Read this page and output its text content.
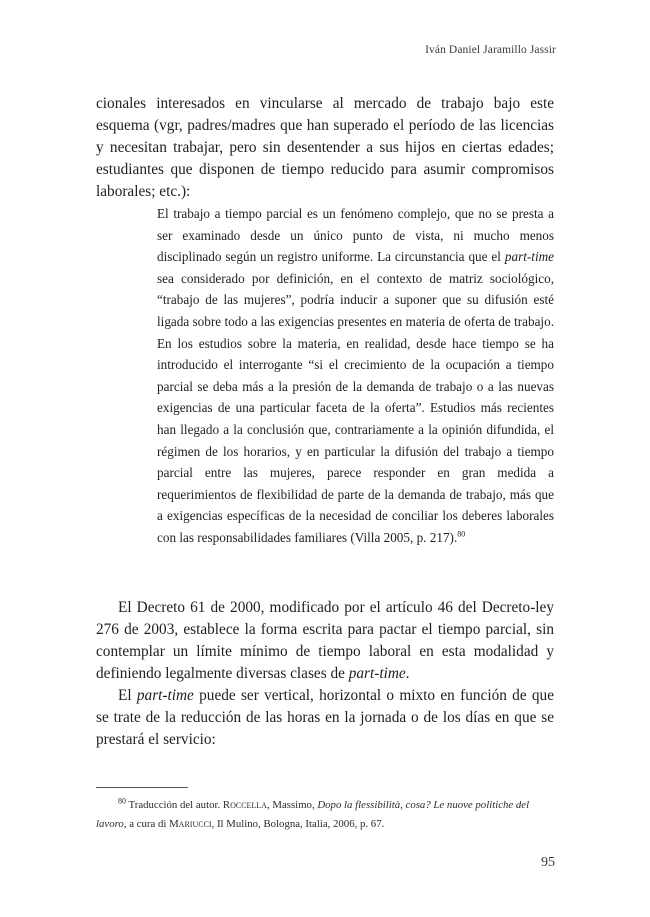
Iván Daniel Jaramillo Jassir

cionales interesados en vincularse al mercado de trabajo bajo este esquema (vgr, padres/madres que han superado el período de las licencias y necesitan trabajar, pero sin desentender a sus hijos en ciertas edades; estudiantes que disponen de tiempo reducido para asumir compromisos laborales; etc.):

El trabajo a tiempo parcial es un fenómeno complejo, que no se presta a ser examinado desde un único punto de vista, ni mucho menos disciplinado según un registro uniforme. La circunstancia que el part-time sea considerado por definición, en el contexto de matriz sociológico, “trabajo de las mujeres”, podría inducir a suponer que su difusión esté ligada sobre todo a las exigencias presentes en materia de oferta de trabajo. En los estudios sobre la materia, en realidad, desde hace tiempo se ha introducido el interrogante “si el crecimiento de la ocupación a tiempo parcial se deba más a la presión de la demanda de trabajo o a las nuevas exigencias de una particular faceta de la oferta”. Estudios más recientes han llegado a la conclusión que, contrariamente a la opinión difundida, el régimen de los horarios, y en particular la difusión del trabajo a tiempo parcial entre las mujeres, parece responder en gran medida a requerimientos de flexibilidad de parte de la demanda de trabajo, más que a exigencias específicas de la necesidad de conciliar los deberes laborales con las responsabilidades familiares (Villa 2005, p. 217).$^{80}$

El Decreto 61 de 2000, modificado por el artículo 46 del Decreto-ley 276 de 2003, establece la forma escrita para pactar el tiempo parcial, sin contemplar un límite mínimo de tiempo laboral en esta modalidad y definiendo legalmente diversas clases de part-time.

El part-time puede ser vertical, horizontal o mixto en función de que se trate de la reducción de las horas en la jornada o de los días en que se prestará el servicio:

$^{80}$ Traducción del autor. Roccella, Massimo, Dopo la flessibilità, cosa? Le nuove politiche del lavoro, a cura di Mariucci, Il Mulino, Bologna, Italia, 2006, p. 67.

95
